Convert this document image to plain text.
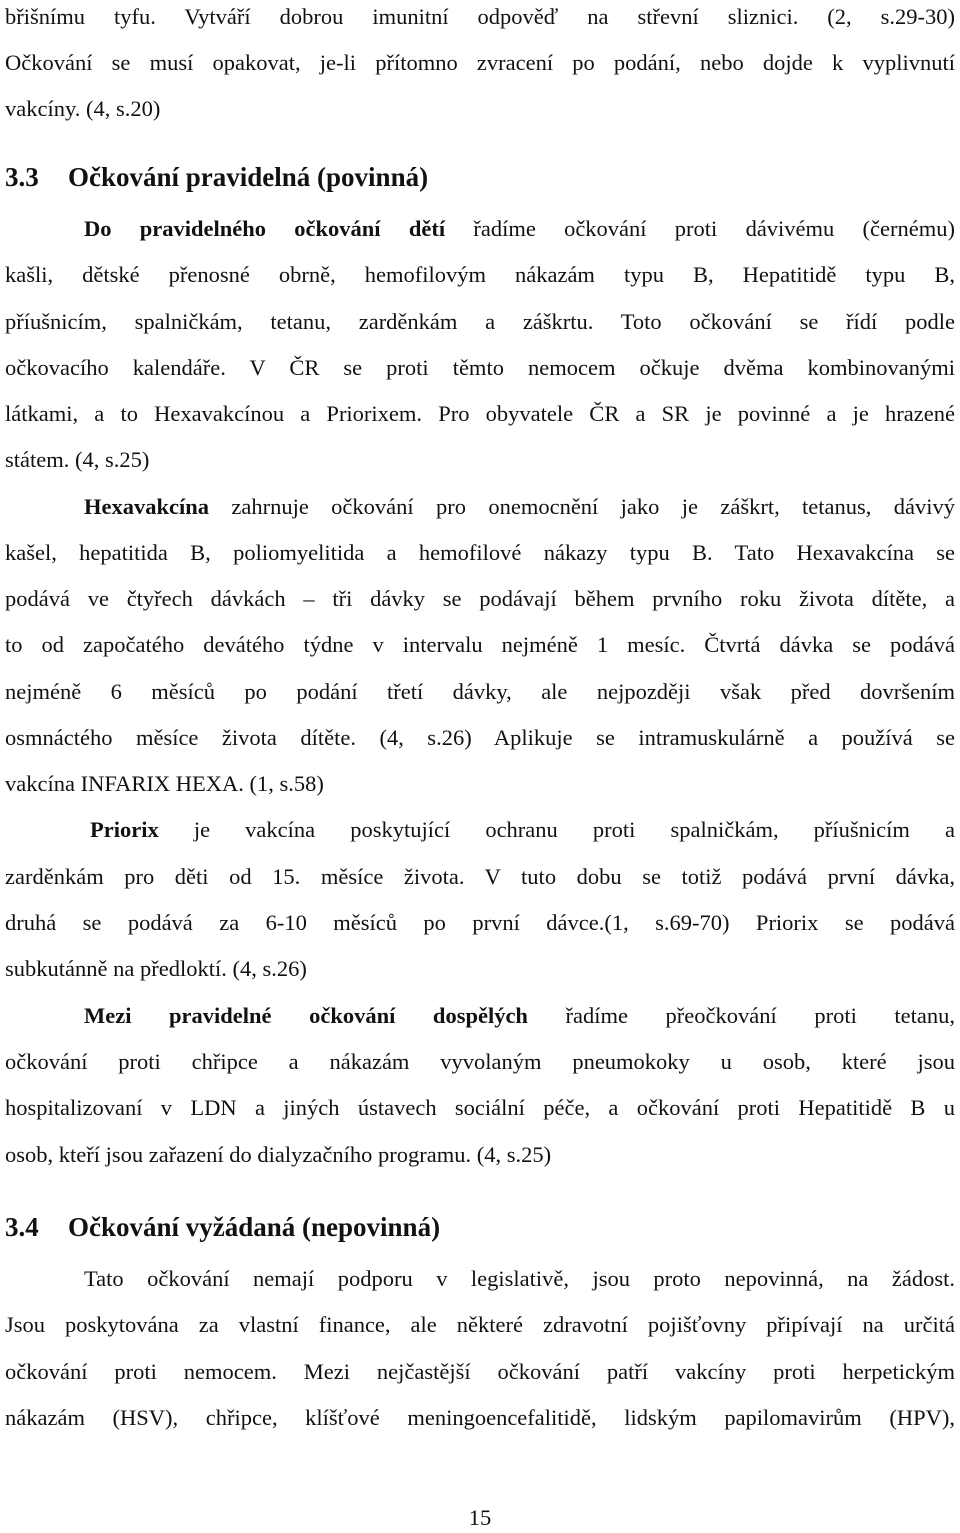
břišnímu tyfu. Vytváří dobrou imunitní odpověď na střevní sliznici. (2, s.29-30)
Očkování se musí opakovat, je-li přítomno zvracení po podání, nebo dojde k vyplivnutí
vakcíny. (4, s.20)
3.3 Očkování pravidelná (povinná)
Do pravidelného očkování dětí řadíme očkování proti dávivému (černému)
kašli, dětské přenosné obrně, hemofilovým nákazám typu B, Hepatitidě typu B,
příušnicím, spalničkám, tetanu, zarděnkám a záškrtu. Toto očkování se řídí podle
očkovacího kalendáře. V ČR se proti těmto nemocem očkuje dvěma kombinovanými
látkami, a to Hexavakcínou a Priorixem. Pro obyvatele ČR a SR je povinné a je hrazené
státem. (4, s.25)
Hexavakcína zahrnuje očkování pro onemocnění jako je záškrt, tetanus, dávivý
kašel, hepatitida B, poliomyelitida a hemofilové nákazy typu B. Tato Hexavakcína se
podává ve čtyřech dávkách – tři dávky se podávají během prvního roku života dítěte, a
to od započatého devátého týdne v intervalu nejméně 1 mesíc. Čtvrtá dávka se podává
nejméně 6 měsíců po podání třetí dávky, ale nejpozději však před dovršením
osmnáctého měsíce života dítěte. (4, s.26) Aplikuje se intramuskulárně a používá se
vakcína INFARIX HEXA. (1, s.58)
Priorix je vakcína poskytující ochranu proti spalničkám, příušnicím a
zarděnkám pro děti od 15. měsíce života. V tuto dobu se totiž podává první dávka,
druhá se podává za 6-10 měsíců po první dávce.(1, s.69-70) Priorix se podává
subkutánně na předloktí. (4, s.26)
Mezi pravidelné očkování dospělých řadíme přeočkování proti tetanu,
očkování proti chřipce a nákazám vyvolaným pneumokoky u osob, které jsou
hospitalizovaní v LDN a jiných ústavech sociální péče, a očkování proti Hepatitidě B u
osob, kteří jsou zařazení do dialyzačního programu. (4, s.25)
3.4 Očkování vyžádaná (nepovinná)
Tato očkování nemají podporu v legislativě, jsou proto nepovinná, na žádost.
Jsou poskytována za vlastní finance, ale některé zdravotní pojišťovny připívají na určitá
očkování proti nemocem. Mezi nejčastější očkování patří vakcíny proti herpetickým
nákazám (HSV), chřipce, klíšťové meningoencefalitidě, lidským papilomavirům (HPV),
15
